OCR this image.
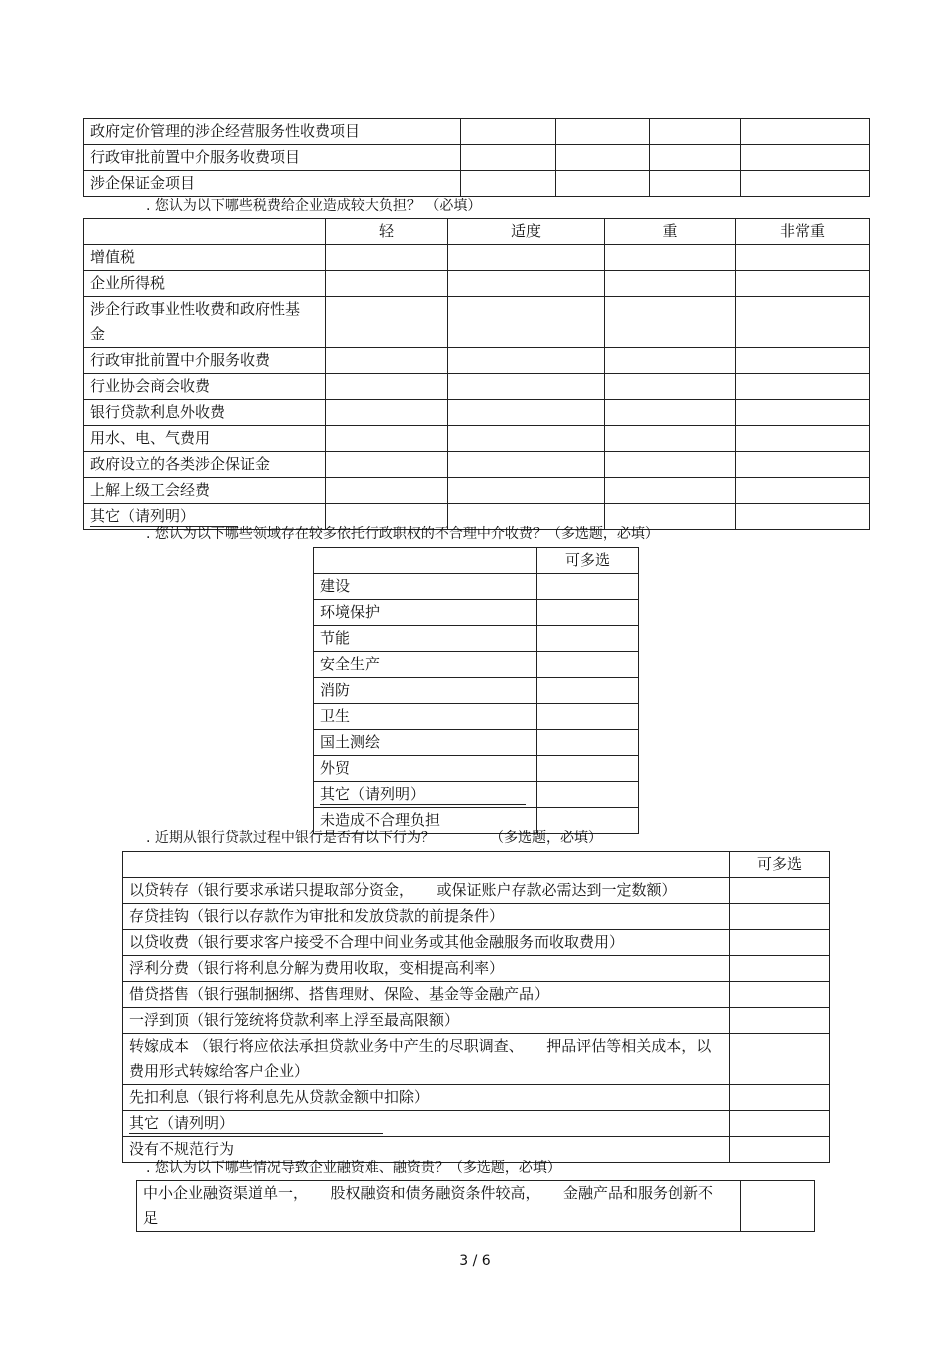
政府定价管理的涉企经营服务性收费项目				
行政审批前置中介服务收费项目				
涉企保证金项目				
. 您认为以下哪些税费给企业造成较大负担？ （必填）
	轻	适度	重	非常重
增值税				
企业所得税				
涉企行政事业性收费和政府性基金				
行政审批前置中介服务收费				
行业协会商会收费				
银行贷款利息外收费				
用水、电、气费用				
政府设立的各类涉企保证金				
上解上级工会经费				
其它（请列明）				
. 您认为以下哪些领域存在较多依托行政职权的不合理中介收费？（多选题，必填）
	可多选
建设	
环境保护	
节能	
安全生产	
消防	
卫生	
国土测绘	
外贸	
其它（请列明）	
未造成不合理负担	
. 近期从银行贷款过程中银行是否有以下行为？	（多选题，必填）
	可多选
以贷转存（银行要求承诺只提取部分资金，　　或保证账户存款必需达到一定数额）	
存贷挂钩（银行以存款作为审批和发放贷款的前提条件）	
以贷收费（银行要求客户接受不合理中间业务或其他金融服务而收取费用）	
浮利分费（银行将利息分解为费用收取，变相提高利率）	
借贷搭售（银行强制捆绑、搭售理财、保险、基金等金融产品）	
一浮到顶（银行笼统将贷款利率上浮至最高限额）	
转嫁成本 （银行将应依法承担贷款业务中产生的尽职调查、　　押品评估等相关成本，以费用形式转嫁给客户企业）	
先扣利息（银行将利息先从贷款金额中扣除）	
其它（请列明）	
没有不规范行为	
. 您认为以下哪些情况导致企业融资难、融资贵？（多选题，必填）
中小企业融资渠道单一，　　股权融资和债务融资条件较高，　　金融产品和服务创新不足	
3 / 6
